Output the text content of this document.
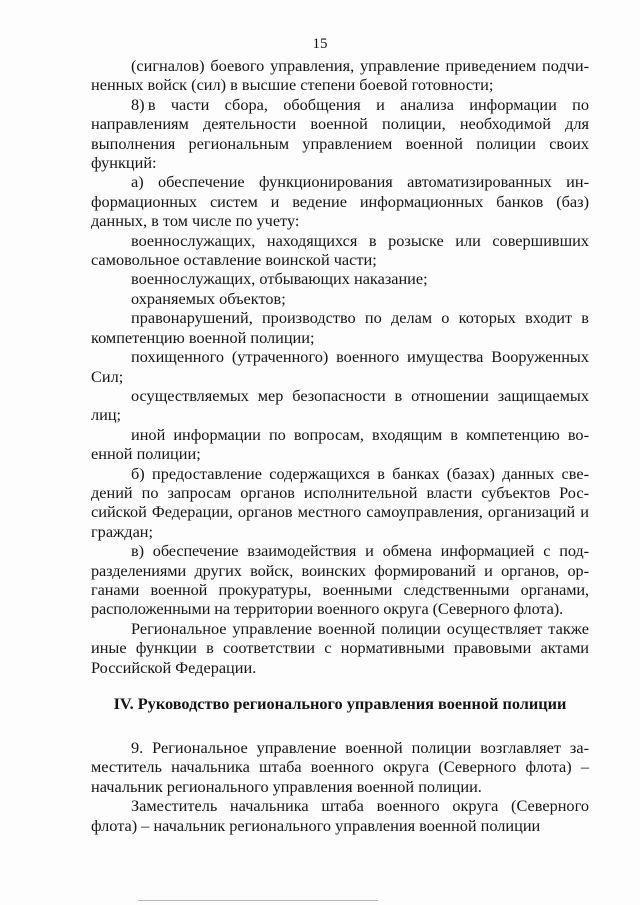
15

(сигналов) боевого управления, управление приведением подчиненных войск (сил) в высшие степени боевой готовности;

8) в части сбора, обобщения и анализа информации по направлениям деятельности военной полиции, необходимой для выполнения региональным управлением военной полиции своих функций:

а) обеспечение функционирования автоматизированных информационных систем и ведение информационных банков (баз) данных, в том числе по учету:

военнослужащих, находящихся в розыске или совершивших самовольное оставление воинской части;

военнослужащих, отбывающих наказание;

охраняемых объектов;

правонарушений, производство по делам о которых входит в компетенцию военной полиции;

похищенного (утраченного) военного имущества Вооруженных Сил;

осуществляемых мер безопасности в отношении защищаемых лиц;

иной информации по вопросам, входящим в компетенцию военной полиции;

б) предоставление содержащихся в банках (базах) данных сведений по запросам органов исполнительной власти субъектов Российской Федерации, органов местного самоуправления, организаций и граждан;

в) обеспечение взаимодействия и обмена информацией с подразделениями других войск, воинских формирований и органов, органами военной прокуратуры, военными следственными органами, расположенными на территории военного округа (Северного флота).

Региональное управление военной полиции осуществляет также иные функции в соответствии с нормативными правовыми актами Российской Федерации.

IV. Руководство регионального управления военной полиции

9. Региональное управление военной полиции возглавляет заместитель начальника штаба военного округа (Северного флота) – начальник регионального управления военной полиции.

Заместитель начальника штаба военного округа (Северного флота) – начальник регионального управления военной полиции
